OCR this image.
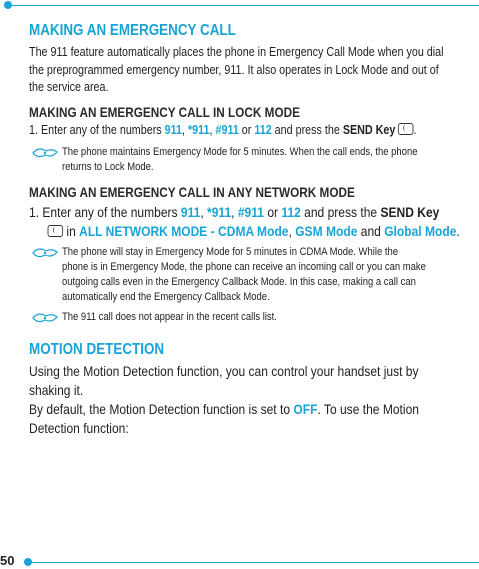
MAKING AN EMERGENCY CALL
The 911 feature automatically places the phone in Emergency Call Mode when you dial
the preprogrammed emergency number, 911. It also operates in Lock Mode and out of
the service area.
MAKING AN EMERGENCY CALL IN LOCK MODE
1. Enter any of the numbers 911, *911, #911 or 112 and press the SEND Key .
The phone maintains Emergency Mode for 5 minutes. When the call ends, the phone
returns to Lock Mode.
MAKING AN EMERGENCY CALL IN ANY NETWORK MODE
1. Enter any of the numbers 911, *911, #911 or 112 and press the SEND Key
in ALL NETWORK MODE - CDMA Mode, GSM Mode and Global Mode.
The phone will stay in Emergency Mode for 5 minutes in CDMA Mode. While the
phone is in Emergency Mode, the phone can receive an incoming call or you can make
outgoing calls even in the Emergency Callback Mode. In this case, making a call can
automatically end the Emergency Callback Mode.
The 911 call does not appear in the recent calls list.
MOTION DETECTION
Using the Motion Detection function, you can control your handset just by
shaking it.
By default, the Motion Detection function is set to OFF. To use the Motion
Detection function:
50
